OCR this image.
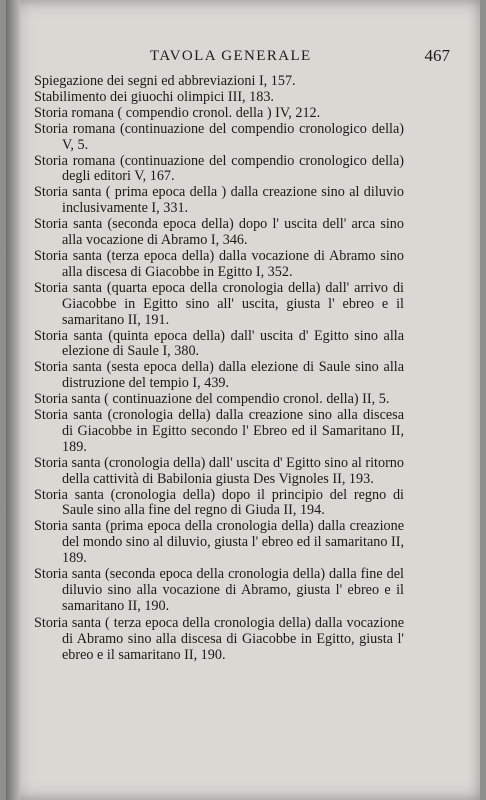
TAVOLA GENERALE	467

Spiegazione dei segni ed abbreviazioni I, 157.

Stabilimento dei giuochi olimpici III, 183.

Storia romana ( compendio cronol. della ) IV, 212.

Storia romana (continuazione del compendio cronologico della) V, 5.

Storia romana (continuazione del compendio cronologico della) degli editori V, 167.

Storia santa ( prima epoca della ) dalla creazione sino al diluvio inclusivamente I, 331.

Storia santa (seconda epoca della) dopo l' uscita dell' arca sino alla vocazione di Abramo I, 346.

Storia santa (terza epoca della) dalla vocazione di Abramo sino alla discesa di Giacobbe in Egitto I, 352.

Storia santa (quarta epoca della cronologia della) dall' arrivo di Giacobbe in Egitto sino all' uscita, giusta l' ebreo e il samaritano II, 191.

Storia santa (quinta epoca della) dall' uscita d' Egitto sino alla elezione di Saule I, 380.

Storia santa (sesta epoca della) dalla elezione di Saule sino alla distruzione del tempio I, 439.

Storia santa ( continuazione del compendio cronol. della) II, 5.

Storia santa (cronologia della) dalla creazione sino alla discesa di Giacobbe in Egitto secondo l' Ebreo ed il Samaritano II, 189.

Storia santa (cronologia della) dall' uscita d' Egitto sino al ritorno della cattività di Babilonia giusta Des Vignoles II, 193.

Storia santa (cronologia della) dopo il principio del regno di Saule sino alla fine del regno di Giuda II, 194.

Storia santa (prima epoca della cronologia della) dalla creazione del mondo sino al diluvio, giusta l' ebreo ed il samaritano II, 189.

Storia santa (seconda epoca della cronologia della) dalla fine del diluvio sino alla vocazione di Abramo, giusta l' ebreo e il samaritano II, 190.

Storia santa ( terza epoca della cronologia della) dalla vocazione di Abramo sino alla discesa di Giacobbe in Egitto, giusta l' ebreo e il samaritano II, 190.
